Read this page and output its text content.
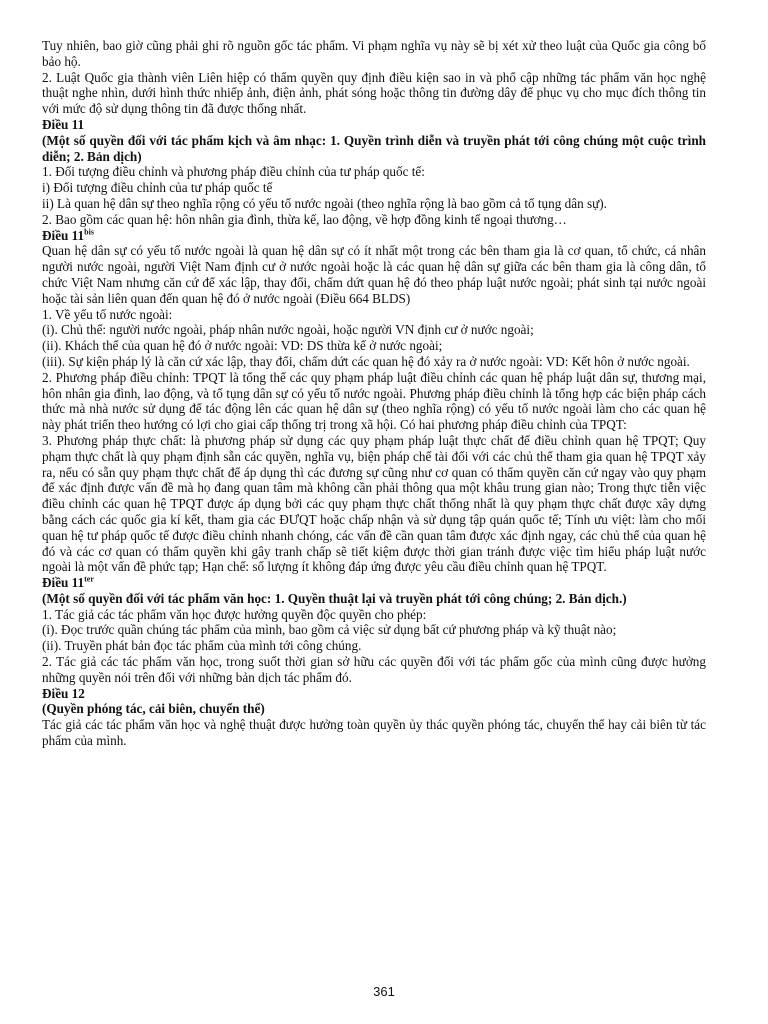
Tuy nhiên, bao giờ cũng phải ghi rõ nguồn gốc tác phẩm. Vi phạm nghĩa vụ này sẽ bị xét xử theo luật của Quốc gia công bố bảo hộ.
2. Luật Quốc gia thành viên Liên hiệp có thẩm quyền quy định điều kiện sao in và phổ cập những tác phẩm văn học nghệ thuật nghe nhìn, dưới hình thức nhiếp ảnh, điện ảnh, phát sóng hoặc thông tin đường dây để phục vụ cho mục đích thông tin với mức độ sử dụng thông tin đã được thống nhất.
Điều 11
(Một số quyền đối với tác phẩm kịch và âm nhạc: 1. Quyền trình diễn và truyền phát tới công chúng một cuộc trình diễn; 2. Bản dịch)
1. Đối tượng điều chỉnh và phương pháp điều chỉnh của tư pháp quốc tế:
i) Đối tượng điều chỉnh của tư pháp quốc tế
ii) Là quan hệ dân sự theo nghĩa rộng có yếu tố nước ngoài (theo nghĩa rộng là bao gồm cả tố tụng dân sự).
2. Bao gồm các quan hệ: hôn nhân gia đình, thừa kế, lao động, về hợp đồng kinh tế ngoại thương…
Điều $11^{bis}$
Quan hệ dân sự có yếu tố nước ngoài là quan hệ dân sự có ít nhất một trong các bên tham gia là cơ quan, tổ chức, cá nhân người nước ngoài, người Việt Nam định cư ở nước ngoài hoặc là các quan hệ dân sự giữa các bên tham gia là công dân, tổ chức Việt Nam nhưng căn cứ để xác lập, thay đổi, chấm dứt quan hệ đó theo pháp luật nước ngoài; phát sinh tại nước ngoài hoặc tài sản liên quan đến quan hệ đó ở nước ngoài (Điều 664 BLDS)
1. Về yếu tố nước ngoài:
(i). Chủ thể: người nước ngoài, pháp nhân nước ngoài, hoặc người VN định cư ở nước ngoài;
(ii). Khách thể của quan hệ đó ở nước ngoài: VD: DS thừa kế ở nước ngoài;
(iii). Sự kiện pháp lý là căn cứ xác lập, thay đổi, chấm dứt các quan hệ đó xảy ra ở nước ngoài: VD: Kết hôn ở nước ngoài.
2. Phương pháp điều chỉnh: TPQT là tổng thể các quy phạm pháp luật điều chỉnh các quan hệ pháp luật dân sự, thương mại, hôn nhân gia đình, lao động, và tố tụng dân sự có yếu tố nước ngoài. Phương pháp điều chỉnh là tổng hợp các biện pháp cách thức mà nhà nước sử dụng để tác động lên các quan hệ dân sự (theo nghĩa rộng) có yếu tố nước ngoài làm cho các quan hệ này phát triển theo hướng có lợi cho giai cấp thống trị trong xã hội. Có hai phương pháp điều chỉnh của TPQT:
3. Phương pháp thực chất: là phương pháp sử dụng các quy phạm pháp luật thực chất để điều chỉnh quan hệ TPQT; Quy phạm thực chất là quy phạm định sẵn các quyền, nghĩa vụ, biện pháp chế tài đối với các chủ thể tham gia quan hệ TPQT xảy ra, nếu có sẵn quy phạm thực chất để áp dụng thì các đương sự cũng như cơ quan có thẩm quyền căn cứ ngay vào quy phạm để xác định được vấn đề mà họ đang quan tâm mà không cần phải thông qua một khâu trung gian nào; Trong thực tiễn việc điều chỉnh các quan hệ TPQT được áp dụng bởi các quy phạm thực chất thống nhất là quy phạm thực chất được xây dựng bằng cách các quốc gia kí kết, tham gia các ĐƯQT hoặc chấp nhận và sử dụng tập quán quốc tế; Tính ưu việt: làm cho mối quan hệ tư pháp quốc tế được điều chỉnh nhanh chóng, các vấn đề cần quan tâm được xác định ngay, các chủ thể của quan hệ đó và các cơ quan có thẩm quyền khi gây tranh chấp sẽ tiết kiệm được thời gian tránh được việc tìm hiểu pháp luật nước ngoài là một vấn đề phức tạp; Hạn chế: số lượng ít không đáp ứng được yêu cầu điều chỉnh quan hệ TPQT.
Điều $11^{ter}$
(Một số quyền đối với tác phẩm văn học: 1. Quyền thuật lại và truyền phát tới công chúng; 2. Bản dịch.)
1. Tác giả các tác phẩm văn học được hưởng quyền độc quyền cho phép:
(i). Đọc trước quần chúng tác phẩm của mình, bao gồm cả việc sử dụng bất cứ phương pháp và kỹ thuật nào;
(ii). Truyền phát bản đọc tác phẩm của mình tới công chúng.
2. Tác giả các tác phẩm văn học, trong suốt thời gian sở hữu các quyền đối với tác phẩm gốc của mình cũng được hưởng những quyền nói trên đối với những bản dịch tác phẩm đó.
Điều 12
(Quyền phóng tác, cải biên, chuyển thể)
Tác giả các tác phẩm văn học và nghệ thuật được hưởng toàn quyền ủy thác quyền phóng tác, chuyển thể hay cải biên từ tác phẩm của mình.
361
